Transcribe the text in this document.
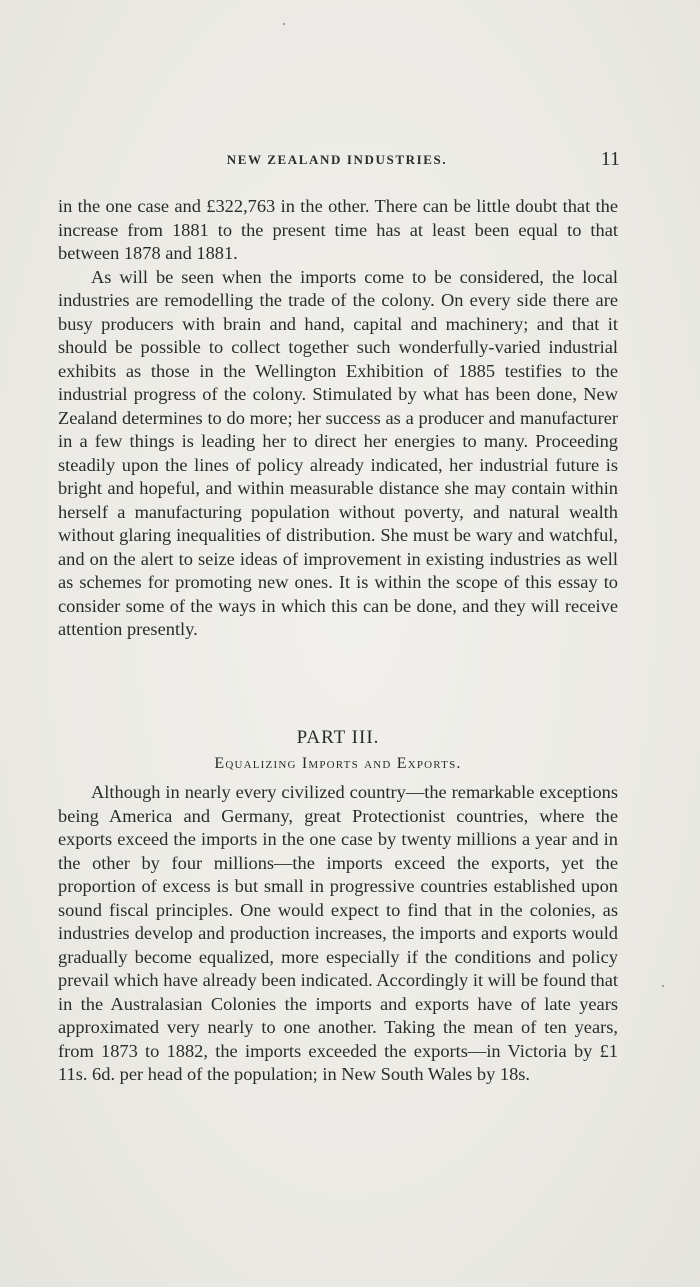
NEW ZEALAND INDUSTRIES.	11

in the one case and £322,763 in the other. There can be little doubt that the increase from 1881 to the present time has at least been equal to that between 1878 and 1881.

As will be seen when the imports come to be considered, the local industries are remodelling the trade of the colony. On every side there are busy producers with brain and hand, capital and machinery; and that it should be possible to collect together such wonderfully-varied industrial exhibits as those in the Wellington Exhibition of 1885 testifies to the industrial progress of the colony. Stimulated by what has been done, New Zealand determines to do more; her success as a producer and manufacturer in a few things is leading her to direct her energies to many. Proceeding steadily upon the lines of policy already indicated, her industrial future is bright and hopeful, and within measurable distance she may contain within herself a manufacturing population without poverty, and natural wealth without glaring inequalities of distribution. She must be wary and watchful, and on the alert to seize ideas of improvement in existing industries as well as schemes for promoting new ones. It is within the scope of this essay to consider some of the ways in which this can be done, and they will receive attention presently.

PART III.
Equalizing Imports and Exports.

Although in nearly every civilized country—the remarkable exceptions being America and Germany, great Protectionist countries, where the exports exceed the imports in the one case by twenty millions a year and in the other by four millions—the imports exceed the exports, yet the proportion of excess is but small in progressive countries established upon sound fiscal principles. One would expect to find that in the colonies, as industries develop and production increases, the imports and exports would gradually become equalized, more especially if the conditions and policy prevail which have already been indicated. Accordingly it will be found that in the Australasian Colonies the imports and exports have of late years approximated very nearly to one another. Taking the mean of ten years, from 1873 to 1882, the imports exceeded the exports—in Victoria by £1 11s. 6d. per head of the population; in New South Wales by 18s.
